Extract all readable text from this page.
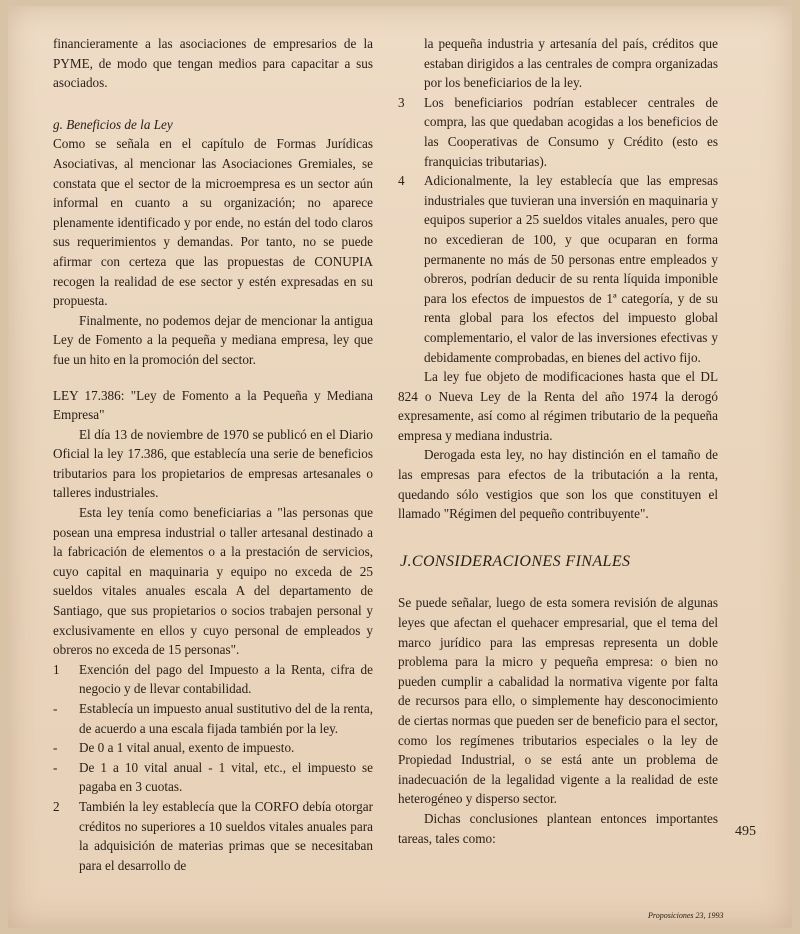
financieramente a las asociaciones de empresarios de la PYME, de modo que tengan medios para capacitar a sus asociados.

g. Beneficios de la Ley

Como se señala en el capítulo de Formas Jurídicas Asociativas, al mencionar las Asociaciones Gremiales, se constata que el sector de la microempresa es un sector aún informal en cuanto a su organización; no aparece plenamente identificado y por ende, no están del todo claros sus requerimientos y demandas. Por tanto, no se puede afirmar con certeza que las propuestas de CONUPIA recogen la realidad de ese sector y estén expresadas en su propuesta.

Finalmente, no podemos dejar de mencionar la antigua Ley de Fomento a la pequeña y mediana empresa, ley que fue un hito en la promoción del sector.

LEY 17.386: "Ley de Fomento a la Pequeña y Mediana Empresa"

El día 13 de noviembre de 1970 se publicó en el Diario Oficial la ley 17.386, que establecía una serie de beneficios tributarios para los propietarios de empresas artesanales o talleres industriales.

Esta ley tenía como beneficiarias a "las personas que posean una empresa industrial o taller artesanal destinado a la fabricación de elementos o a la prestación de servicios, cuyo capital en maquinaria y equipo no exceda de 25 sueldos vitales anuales escala A del departamento de Santiago, que sus propietarios o socios trabajen personal y exclusivamente en ellos y cuyo personal de empleados y obreros no exceda de 15 personas".

1	Exención del pago del Impuesto a la Renta, cifra de negocio y de llevar contabilidad.
-	Establecía un impuesto anual sustitutivo del de la renta, de acuerdo a una escala fijada también por la ley.
-	De 0 a 1 vital anual, exento de impuesto.
-	De 1 a 10 vital anual - 1 vital, etc., el impuesto se pagaba en 3 cuotas.
2	También la ley establecía que la CORFO debía otorgar créditos no superiores a 10 sueldos vitales anuales para la adquisición de materias primas que se necesitaban para el desarrollo de

la pequeña industria y artesanía del país, créditos que estaban dirigidos a las centrales de compra organizadas por los beneficiarios de la ley.

3	Los beneficiarios podrían establecer centrales de compra, las que quedaban acogidas a los beneficios de las Cooperativas de Consumo y Crédito (esto es franquicias tributarias).
4	Adicionalmente, la ley establecía que las empresas industriales que tuvieran una inversión en maquinaria y equipos superior a 25 sueldos vitales anuales, pero que no excedieran de 100, y que ocuparan en forma permanente no más de 50 personas entre empleados y obreros, podrían deducir de su renta líquida imponible para los efectos de impuestos de 1ª categoría, y de su renta global para los efectos del impuesto global complementario, el valor de las inversiones efectivas y debidamente comprobadas, en bienes del activo fijo.

La ley fue objeto de modificaciones hasta que el DL 824 o Nueva Ley de la Renta del año 1974 la derogó expresamente, así como al régimen tributario de la pequeña empresa y mediana industria.

Derogada esta ley, no hay distinción en el tamaño de las empresas para efectos de la tributación a la renta, quedando sólo vestigios que son los que constituyen el llamado "Régimen del pequeño contribuyente".

J.CONSIDERACIONES FINALES

Se puede señalar, luego de esta somera revisión de algunas leyes que afectan el quehacer empresarial, que el tema del marco jurídico para las empresas representa un doble problema para la micro y pequeña empresa: o bien no pueden cumplir a cabalidad la normativa vigente por falta de recursos para ello, o simplemente hay desconocimiento de ciertas normas que pueden ser de beneficio para el sector, como los regímenes tributarios especiales o la ley de Propiedad Industrial, o se está ante un problema de inadecuación de la legalidad vigente a la realidad de este heterogéneo y disperso sector.

Dichas conclusiones plantean entonces importantes tareas, tales como:	495
Proposiciones 23, 1993
